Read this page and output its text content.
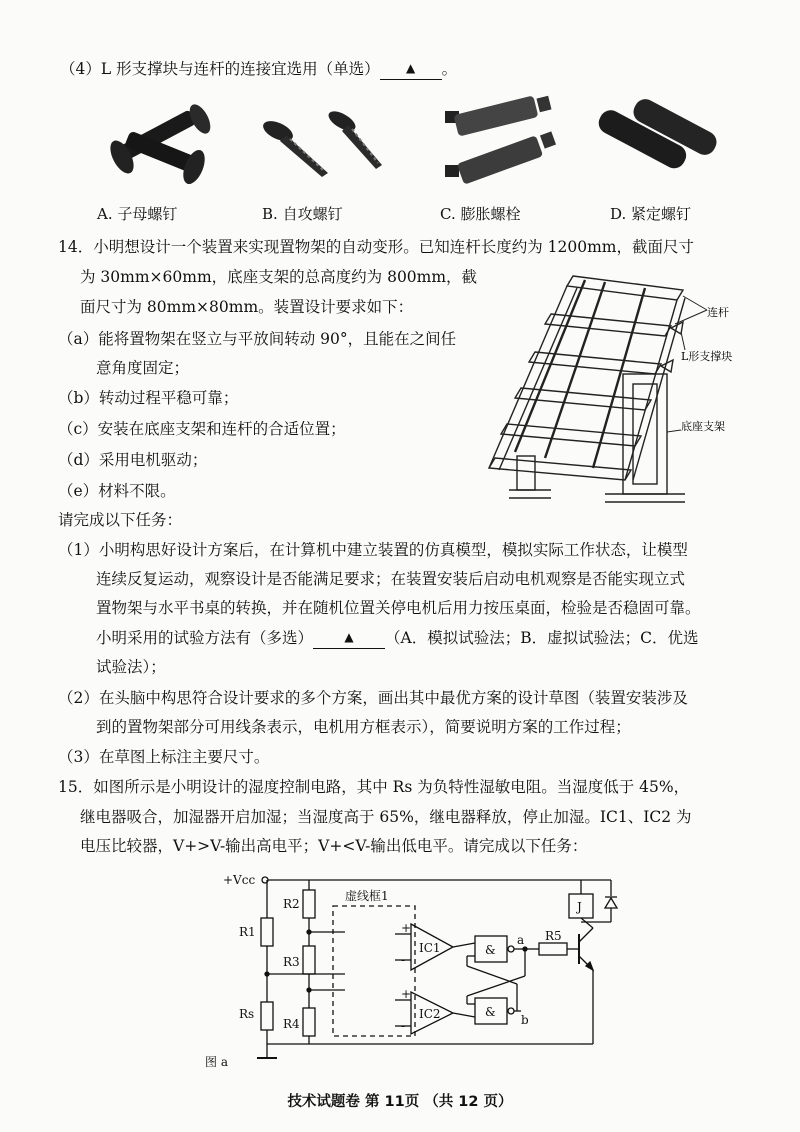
（4）L 形支撑块与连杆的连接宜选用（单选） ▲ 。
A. 子母螺钉	B. 自攻螺钉	C. 膨胀螺栓	D. 紧定螺钉
14．小明想设计一个装置来实现置物架的自动变形。已知连杆长度约为 1200mm，截面尺寸
为 30mm×60mm，底座支架的总高度约为 800mm，截
面尺寸为 80mm×80mm。装置设计要求如下：
（a）能将置物架在竖立与平放间转动 90°，且能在之间任
意角度固定；
（b）转动过程平稳可靠；
（c）安装在底座支架和连杆的合适位置；
（d）采用电机驱动；
（e）材料不限。
连杆
L形支撑块
底座支架
请完成以下任务：
（1）小明构思好设计方案后，在计算机中建立装置的仿真模型，模拟实际工作状态，让模型
连续反复运动，观察设计是否能满足要求；在装置安装后启动电机观察是否能实现立式
置物架与水平书桌的转换，并在随机位置关停电机后用力按压桌面，检验是否稳固可靠。
小明采用的试验方法有（多选）	▲ （A．模拟试验法；B．虚拟试验法；C．优选
试验法）；
（2）在头脑中构思符合设计要求的多个方案，画出其中最优方案的设计草图（装置安装涉及
到的置物架部分可用线条表示，电机用方框表示），简要说明方案的工作过程；
（3）在草图上标注主要尺寸。
15．如图所示是小明设计的湿度控制电路，其中 Rs 为负特性湿敏电阻。当湿度低于 45%，
继电器吸合，加湿器开启加湿；当湿度高于 65%，继电器释放，停止加湿。IC1、IC2 为
电压比较器，V+>V-输出高电平；V+<V-输出低电平。请完成以下任务：
+Vcc
R2
R1
R3
Rs
R4
虚线框1
IC1
IC2
+
-
+
-
&
&
a
b
R5
J
图 a
技术试题卷 第 11页 （共 12 页）
